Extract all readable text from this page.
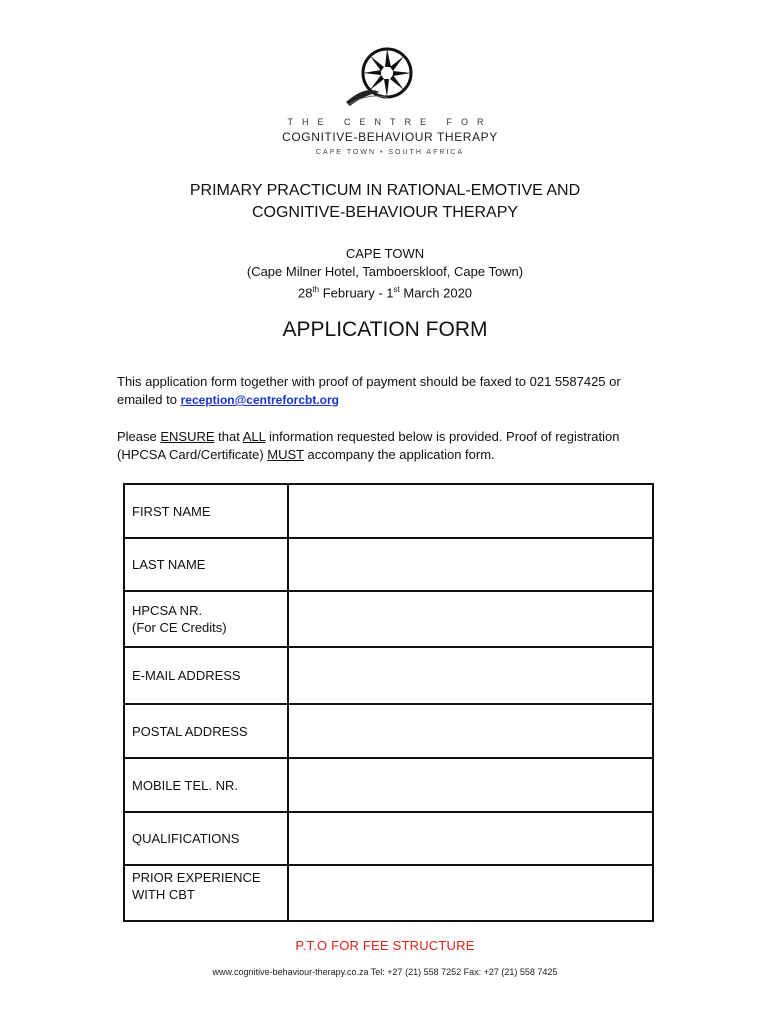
THE CENTRE FOR
COGNITIVE-BEHAVIOUR THERAPY
CAPE TOWN • SOUTH AFRICA
PRIMARY PRACTICUM IN RATIONAL-EMOTIVE AND
COGNITIVE-BEHAVIOUR THERAPY
CAPE TOWN
(Cape Milner Hotel, Tamboerskloof, Cape Town)
28th February - 1st March 2020
APPLICATION FORM
This application form together with proof of payment should be faxed to 021 5587425 or emailed to reception@centreforcbt.org
Please ENSURE that ALL information requested below is provided. Proof of registration (HPCSA Card/Certificate) MUST accompany the application form.
FIRST NAME	
LAST NAME	

HPCSA NR.
(For CE Credits)	

E-MAIL ADDRESS	
POSTAL ADDRESS	
MOBILE TEL. NR.	
QUALIFICATIONS	

PRIOR EXPERIENCE
WITH CBT	

P.T.O FOR FEE STRUCTURE
www.cognitive-behaviour-therapy.co.za Tel: +27 (21) 558 7252 Fax: +27 (21) 558 7425
